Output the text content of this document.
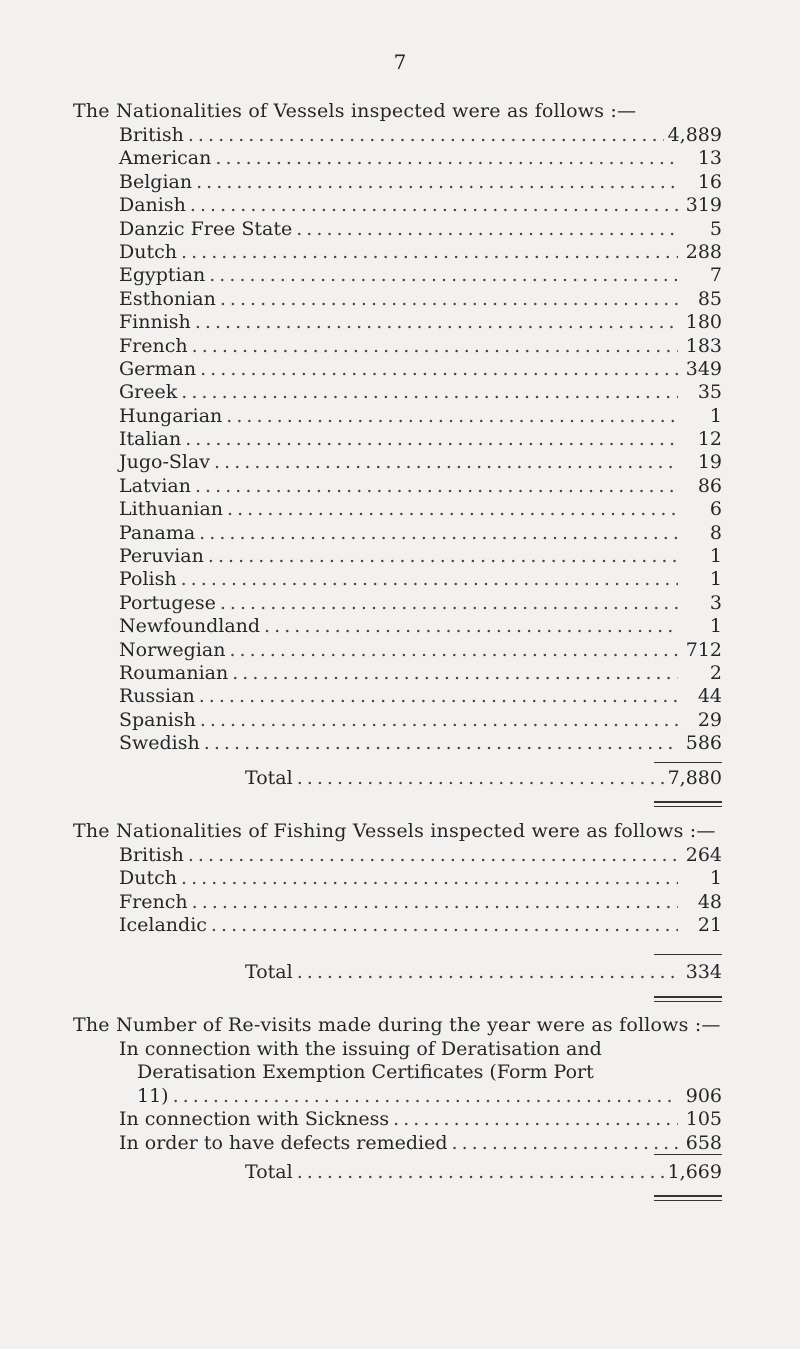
7
The Nationalities of Vessels inspected were as follows :—
British . . .	4,889
American . . .	13
Belgian . . .	16
Danish . . .	319
Danzic Free State . . .	5
Dutch . . .	288
Egyptian . . .	7
Esthonian . . .	85
Finnish . . .	180
French . . .	183
German . . .	349
Greek . . .	35
Hungarian . . .	1
Italian . . .	12
Jugo-Slav . . .	19
Latvian . . .	86
Lithuanian . . .	6
Panama . . .	8
Peruvian . . .	1
Polish . . .	1
Portugese . . .	3
Newfoundland . . .	1
Norwegian . . .	712
Roumanian . . .	2
Russian . . .	44
Spanish . . .	29
Swedish . . .	586
Total . . .	7,880
The Nationalities of Fishing Vessels inspected were as follows :—
British . . .	264
Dutch . . .	1
French . . .	48
Icelandic . . .	21
Total . . .	334
The Number of Re-visits made during the year were as follows :—
In connection with the issuing of Deratisation and
Deratisation Exemption Certificates (Form Port
11) . . .	906
In connection with Sickness . . .	105
In order to have defects remedied . . .	658
Total . . .	1,669
